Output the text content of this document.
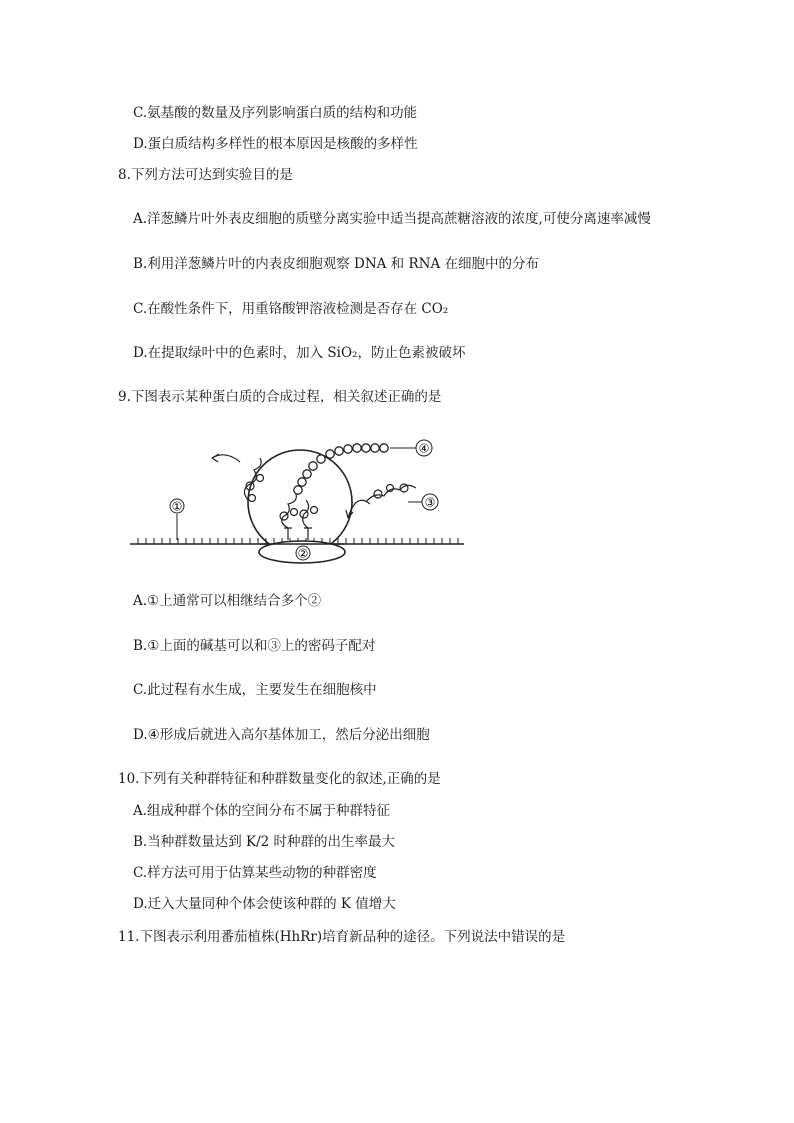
C.氨基酸的数量及序列影响蛋白质的结构和功能
D.蛋白质结构多样性的根本原因是核酸的多样性
8.下列方法可达到实验目的是
A.洋葱鳞片叶外表皮细胞的质壁分离实验中适当提高蔗糖溶液的浓度,可使分离速率减慢
B.利用洋葱鳞片叶的内表皮细胞观察 DNA 和 RNA 在细胞中的分布
C.在酸性条件下，用重铬酸钾溶液检测是否存在 CO₂
D.在提取绿叶中的色素时，加入 SiO₂，防止色素被破坏
9.下图表示某种蛋白质的合成过程，相关叙述正确的是
①
②
④
③
A.①上通常可以相继结合多个②
B.①上面的碱基可以和③上的密码子配对
C.此过程有水生成，主要发生在细胞核中
D.④形成后就进入高尔基体加工，然后分泌出细胞
10.下列有关种群特征和种群数量变化的叙述,正确的是
A.组成种群个体的空间分布不属于种群特征
B.当种群数量达到 K/2 时种群的出生率最大
C.样方法可用于估算某些动物的种群密度
D.迁入大量同种个体会使该种群的 K 值增大
11.下图表示利用番茄植株(HhRr)培育新品种的途径。下列说法中错误的是
